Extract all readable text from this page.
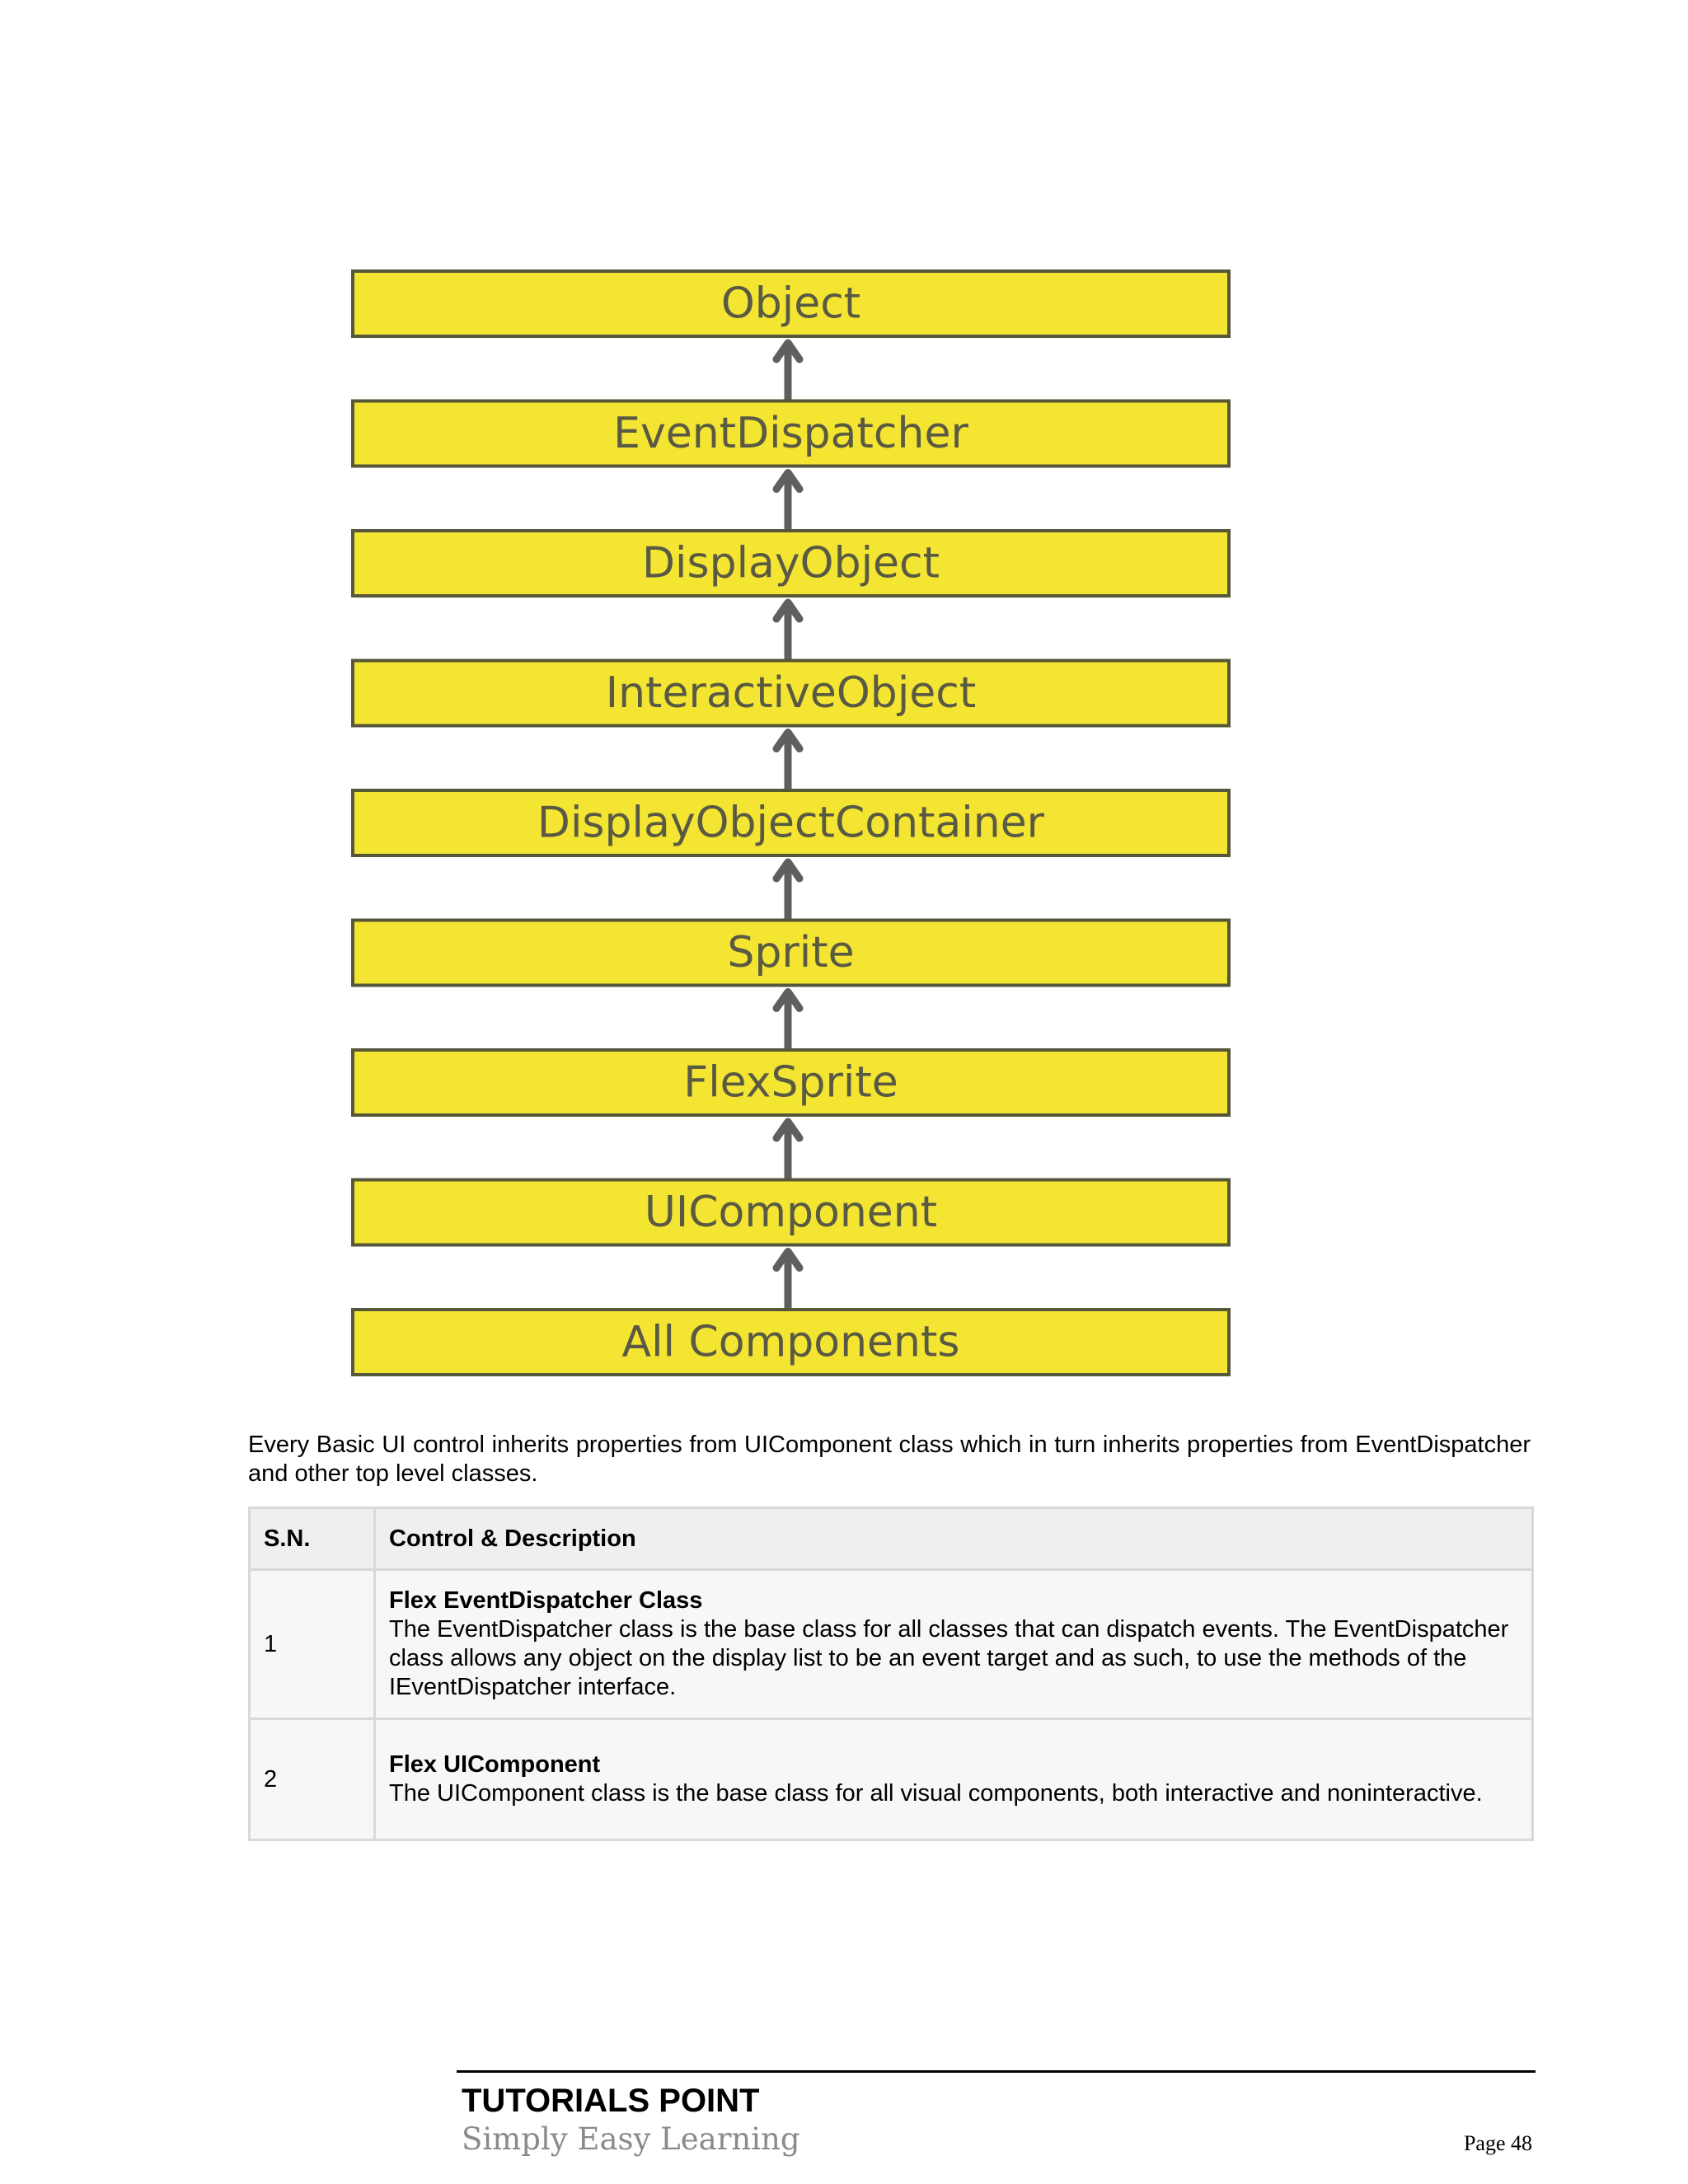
Object
EventDispatcher
DisplayObject
InteractiveObject
DisplayObjectContainer
Sprite
FlexSprite
UIComponent
All Components

Every Basic UI control inherits properties from UIComponent class which in turn inherits properties from EventDispatcher and other top level classes.

S.N.	Control & Description
1	Flex EventDispatcher Class
The EventDispatcher class is the base class for all classes that can dispatch events. The EventDispatcher class allows any object on the display list to be an event target and as such, to use the methods of the IEventDispatcher interface.

2	Flex UIComponent
The UIComponent class is the base class for all visual components, both interactive and noninteractive.
TUTORIALS POINT
Simply Easy Learning	Page 48
